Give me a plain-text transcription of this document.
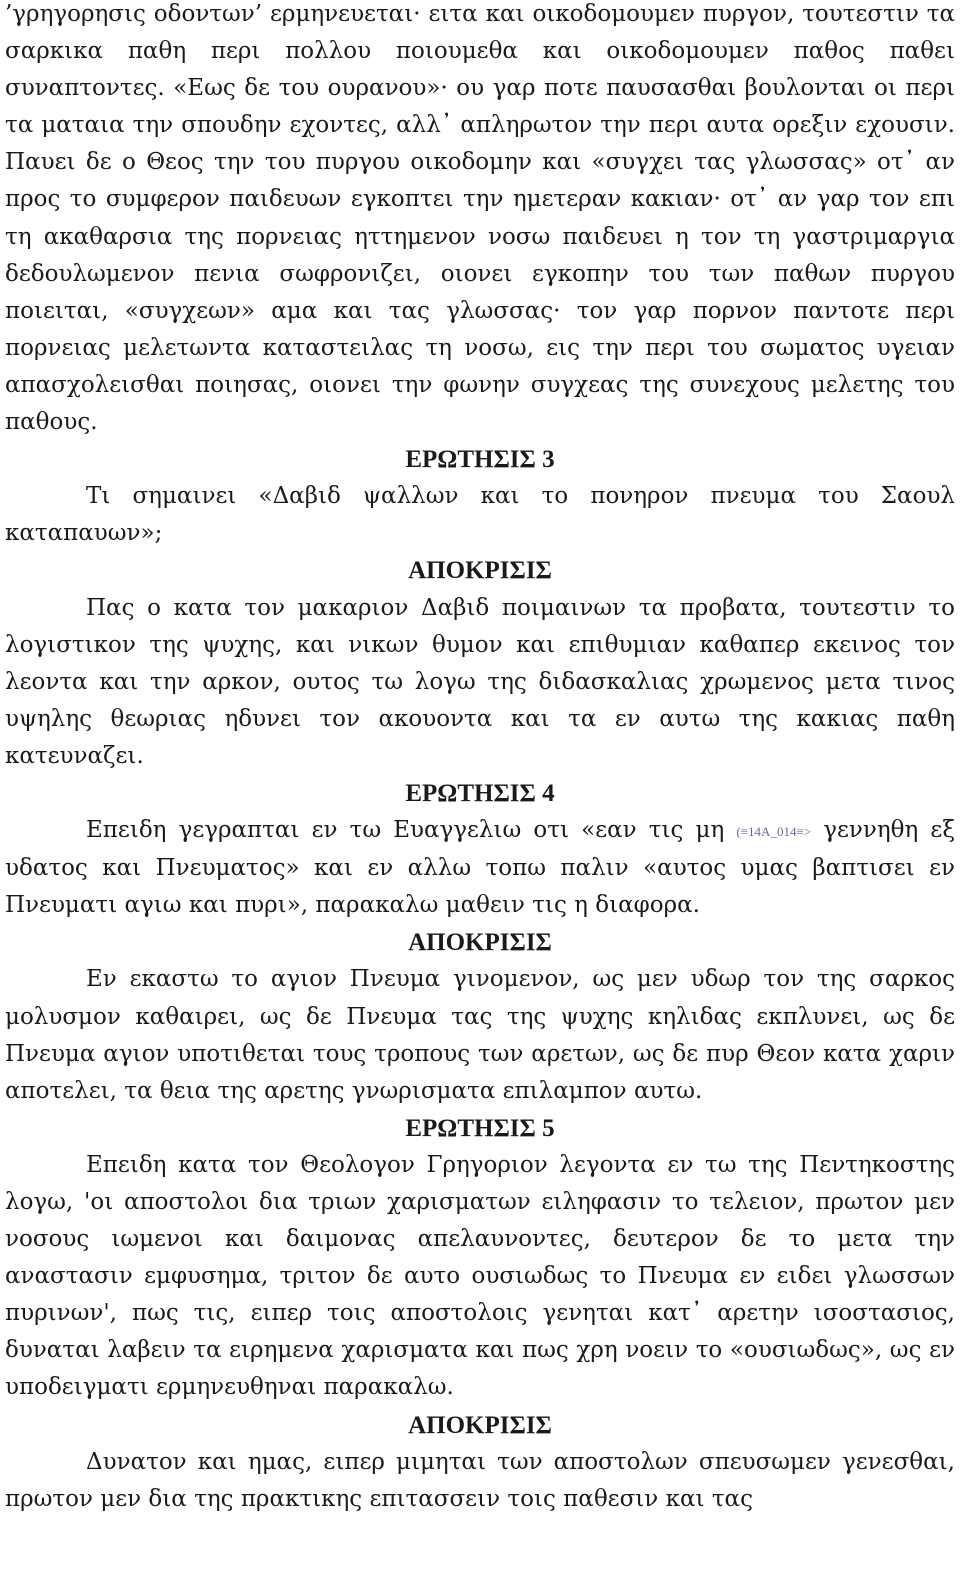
’γρηγορησις οδοντων’ ερμηνευεται· ειτα και οικοδομουμεν πυργον, τουτεστιν τα σαρκικα παθη περι πολλου ποιουμεθα και οικοδομουμεν παθος παθει συναπτοντες. «Εως δε του ουρανου»· ου γαρ ποτε παυσασθαι βουλονται οι περι τα ματαια την σπουδην εχοντες, αλλ᾽ απληρωτον την περι αυτα ορεξιν εχουσιν. Παυει δε ο Θεος την του πυργου οικοδομην και «συγχει τας γλωσσας» οτ᾽ αν προς το συμφερον παιδευων εγκοπτει την ημετεραν κακιαν· οτ᾽ αν γαρ τον επι τη ακαθαρσια της πορνειας ηττημενον νοσω παιδευει η τον τη γαστριμαργια δεδουλωμενον πενια σωφρονιζει, οιονει εγκοπην του των παθων πυργου ποιειται, «συγχεων» αμα και τας γλωσσας· τον γαρ πορνον παντοτε περι πορνειας μελετωντα καταστειλας τη νοσω, εις την περι του σωματος υγειαν απασχολεισθαι ποιησας, οιονει την φωνην συγχεας της συνεχους μελετης του παθους.

ΕΡΩΤΗΣΙΣ 3

Τι σημαινει «Δαβιδ ψαλλων και το πονηρον πνευμα του Σαουλ καταπαυων»;

ΑΠΟΚΡΙΣΙΣ

Πας ο κατα τον μακαριον Δαβιδ ποιμαινων τα προβατα, τουτεστιν το λογιστικον της ψυχης, και νικων θυμον και επιθυμιαν καθαπερ εκεινος τον λεοντα και την αρκον, ουτος τω λογω της διδασκαλιας χρωμενος μετα τινος υψηλης θεωριας ηδυνει τον ακουοντα και τα εν αυτω της κακιας παθη κατευναζει.

ΕΡΩΤΗΣΙΣ 4

Επειδη γεγραπται εν τω Ευαγγελιω οτι «εαν τις μη (≡14A_014≡> γεννηθη εξ υδατος και Πνευματος» και εν αλλω τοπω παλιν «αυτος υμας βαπτισει εν Πνευματι αγιω και πυρι», παρακαλω μαθειν τις η διαφορα.

ΑΠΟΚΡΙΣΙΣ

Εν εκαστω το αγιον Πνευμα γινομενον, ως μεν υδωρ τον της σαρκος μολυσμον καθαιρει, ως δε Πνευμα τας της ψυχης κηλιδας εκπλυνει, ως δε Πνευμα αγιον υποτιθεται τους τροπους των αρετων, ως δε πυρ Θεον κατα χαριν αποτελει, τα θεια της αρετης γνωρισματα επιλαμπον αυτω.

ΕΡΩΤΗΣΙΣ 5

Επειδη κατα τον Θεολογον Γρηγοριον λεγοντα εν τω της Πεντηκοστης λογω, 'οι αποστολοι δια τριων χαρισματων ειληφασιν το τελειον, πρωτον μεν νοσους ιωμενοι και δαιμονας απελαυνοντες, δευτερον δε το μετα την αναστασιν εμφυσημα, τριτον δε αυτο ουσιωδως το Πνευμα εν ειδει γλωσσων πυρινων', πως τις, ειπερ τοις αποστολοις γενηται κατ᾽ αρετην ισοστασιος, δυναται λαβειν τα ειρημενα χαρισματα και πως χρη νοειν το «ουσιωδως», ως εν υποδειγματι ερμηνευθηναι παρακαλω.

ΑΠΟΚΡΙΣΙΣ

Δυνατον και ημας, ειπερ μιμηται των αποστολων σπευσωμεν γενεσθαι, πρωτον μεν δια της πρακτικης επιτασσειν τοις παθεσιν και τας
